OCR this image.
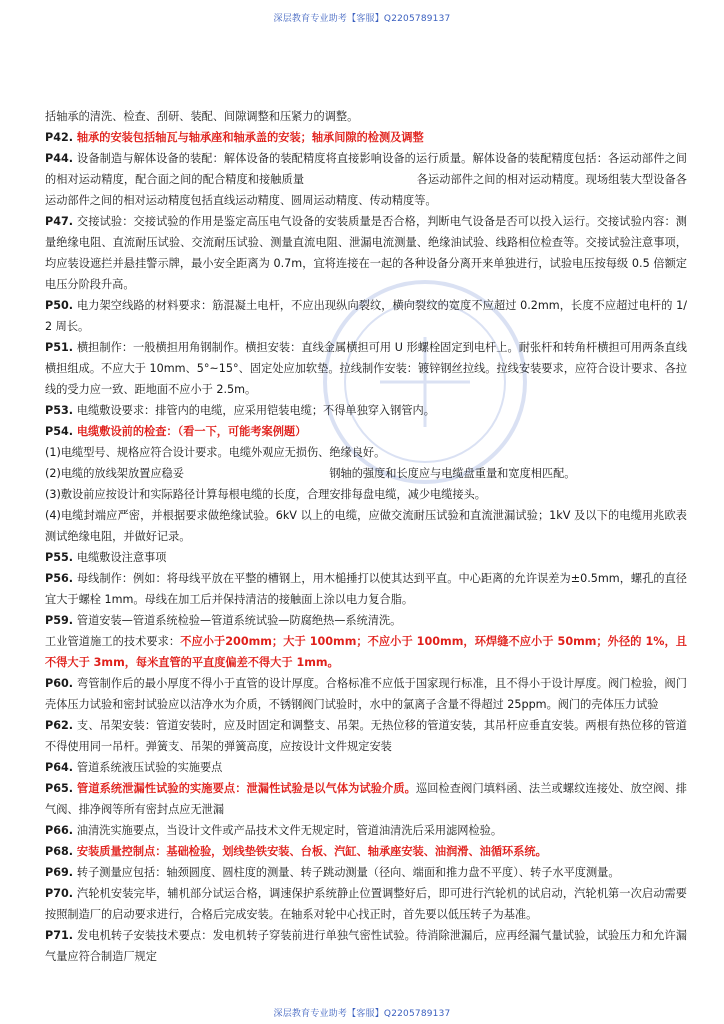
深层教育专业助考【客服】Q2205789137

括轴承的清洗、检查、刮研、装配、间隙调整和压紧力的调整。

P42. 轴承的安装包括轴瓦与轴承座和轴承盖的安装；轴承间隙的检测及调整

P44. 设备制造与解体设备的装配：解体设备的装配精度将直接影响设备的运行质量。解体设备的装配精度包括：各运动部件之间的相对运动精度，配合面之间的配合精度和接触质量　　　　　　　　　　各运动部件之间的相对运动精度。现场组装大型设备各运动部件之间的相对运动精度包括直线运动精度、圆周运动精度、传动精度等。

P47. 交接试验：交接试验的作用是鉴定高压电气设备的安装质量是否合格，判断电气设备是否可以投入运行。交接试验内容：测量绝缘电阻、直流耐压试验、交流耐压试验、测量直流电阻、泄漏电流测量、绝缘油试验、线路相位检查等。交接试验注意事项，均应装设遮拦并悬挂警示牌，最小安全距离为 0.7m，宜将连接在一起的各种设备分离开来单独进行，试验电压按每级 0.5 倍额定电压分阶段升高。

P50. 电力架空线路的材料要求：筋混凝土电杆，不应出现纵向裂纹，横向裂纹的宽度不应超过 0.2mm，长度不应超过电杆的 1/2 周长。

P51. 横担制作：一般横担用角钢制作。横担安装：直线金属横担可用 U 形螺栓固定到电杆上。耐张杆和转角杆横担可用两条直线横担组成。不应大于 10mm、5°~15°、固定处应加软垫。拉线制作安装：镀锌钢丝拉线。拉线安装要求，应符合设计要求、各拉线的受力应一致、距地面不应小于 2.5m。

P53. 电缆敷设要求：排管内的电缆，应采用铠装电缆；不得单独穿入钢管内。

P54. 电缆敷设前的检查：（看一下，可能考案例题）

(1)电缆型号、规格应符合设计要求。电缆外观应无损伤、绝缘良好。

(2)电缆的放线架放置应稳妥　　　　　　　　　　　　　钢轴的强度和长度应与电缆盘重量和宽度相匹配。

(3)敷设前应按设计和实际路径计算每根电缆的长度，合理安排每盘电缆，减少电缆接头。

(4)电缆封端应严密，并根据要求做绝缘试验。6kV 以上的电缆，应做交流耐压试验和直流泄漏试验；1kV 及以下的电缆用兆欧表测试绝缘电阻，并做好记录。

P55. 电缆敷设注意事项

P56. 母线制作：例如：将母线平放在平整的槽钢上，用木槌捶打以使其达到平直。中心距离的允许误差为±0.5mm，螺孔的直径宜大于螺栓 1mm。母线在加工后并保持清洁的接触面上涂以电力复合脂。

P59. 管道安装—管道系统检验—管道系统试验—防腐绝热—系统清洗。

工业管道施工的技术要求：不应小于200mm；大于 100mm；不应小于 100mm，环焊缝不应小于 50mm；外径的 1%，且不得大于 3mm，每米直管的平直度偏差不得大于 1mm。

P60. 弯管制作后的最小厚度不得小于直管的设计厚度。合格标准不应低于国家现行标准，且不得小于设计厚度。阀门检验，阀门壳体压力试验和密封试验应以洁净水为介质，不锈钢阀门试验时，水中的氯离子含量不得超过 25ppm。阀门的壳体压力试验

P62. 支、吊架安装：管道安装时，应及时固定和调整支、吊架。无热位移的管道安装，其吊杆应垂直安装。两根有热位移的管道不得使用同一吊杆。弹簧支、吊架的弹簧高度，应按设计文件规定安装

P64. 管道系统液压试验的实施要点

P65. 管道系统泄漏性试验的实施要点：泄漏性试验是以气体为试验介质。巡回检查阀门填料函、法兰或螺纹连接处、放空阀、排气阀、排净阀等所有密封点应无泄漏

P66. 油清洗实施要点，当设计文件或产品技术文件无规定时，管道油清洗后采用滤网检验。

P68. 安装质量控制点：基础检验，划线垫铁安装、台板、汽缸、轴承座安装、油润滑、油循环系统。

P69. 转子测量应包括：轴颈圆度、圆柱度的测量、转子跳动测量（径向、端面和推力盘不平度）、转子水平度测量。

P70. 汽轮机安装完毕，辅机部分试运合格，调速保护系统静止位置调整好后，即可进行汽轮机的试启动，汽轮机第一次启动需要按照制造厂的启动要求进行，合格后完成安装。在轴系对轮中心找正时，首先要以低压转子为基准。

P71. 发电机转子安装技术要点：发电机转子穿装前进行单独气密性试验。待消除泄漏后，应再经漏气量试验，试验压力和允许漏气量应符合制造厂规定

深层教育专业助考【客服】Q2205789137
